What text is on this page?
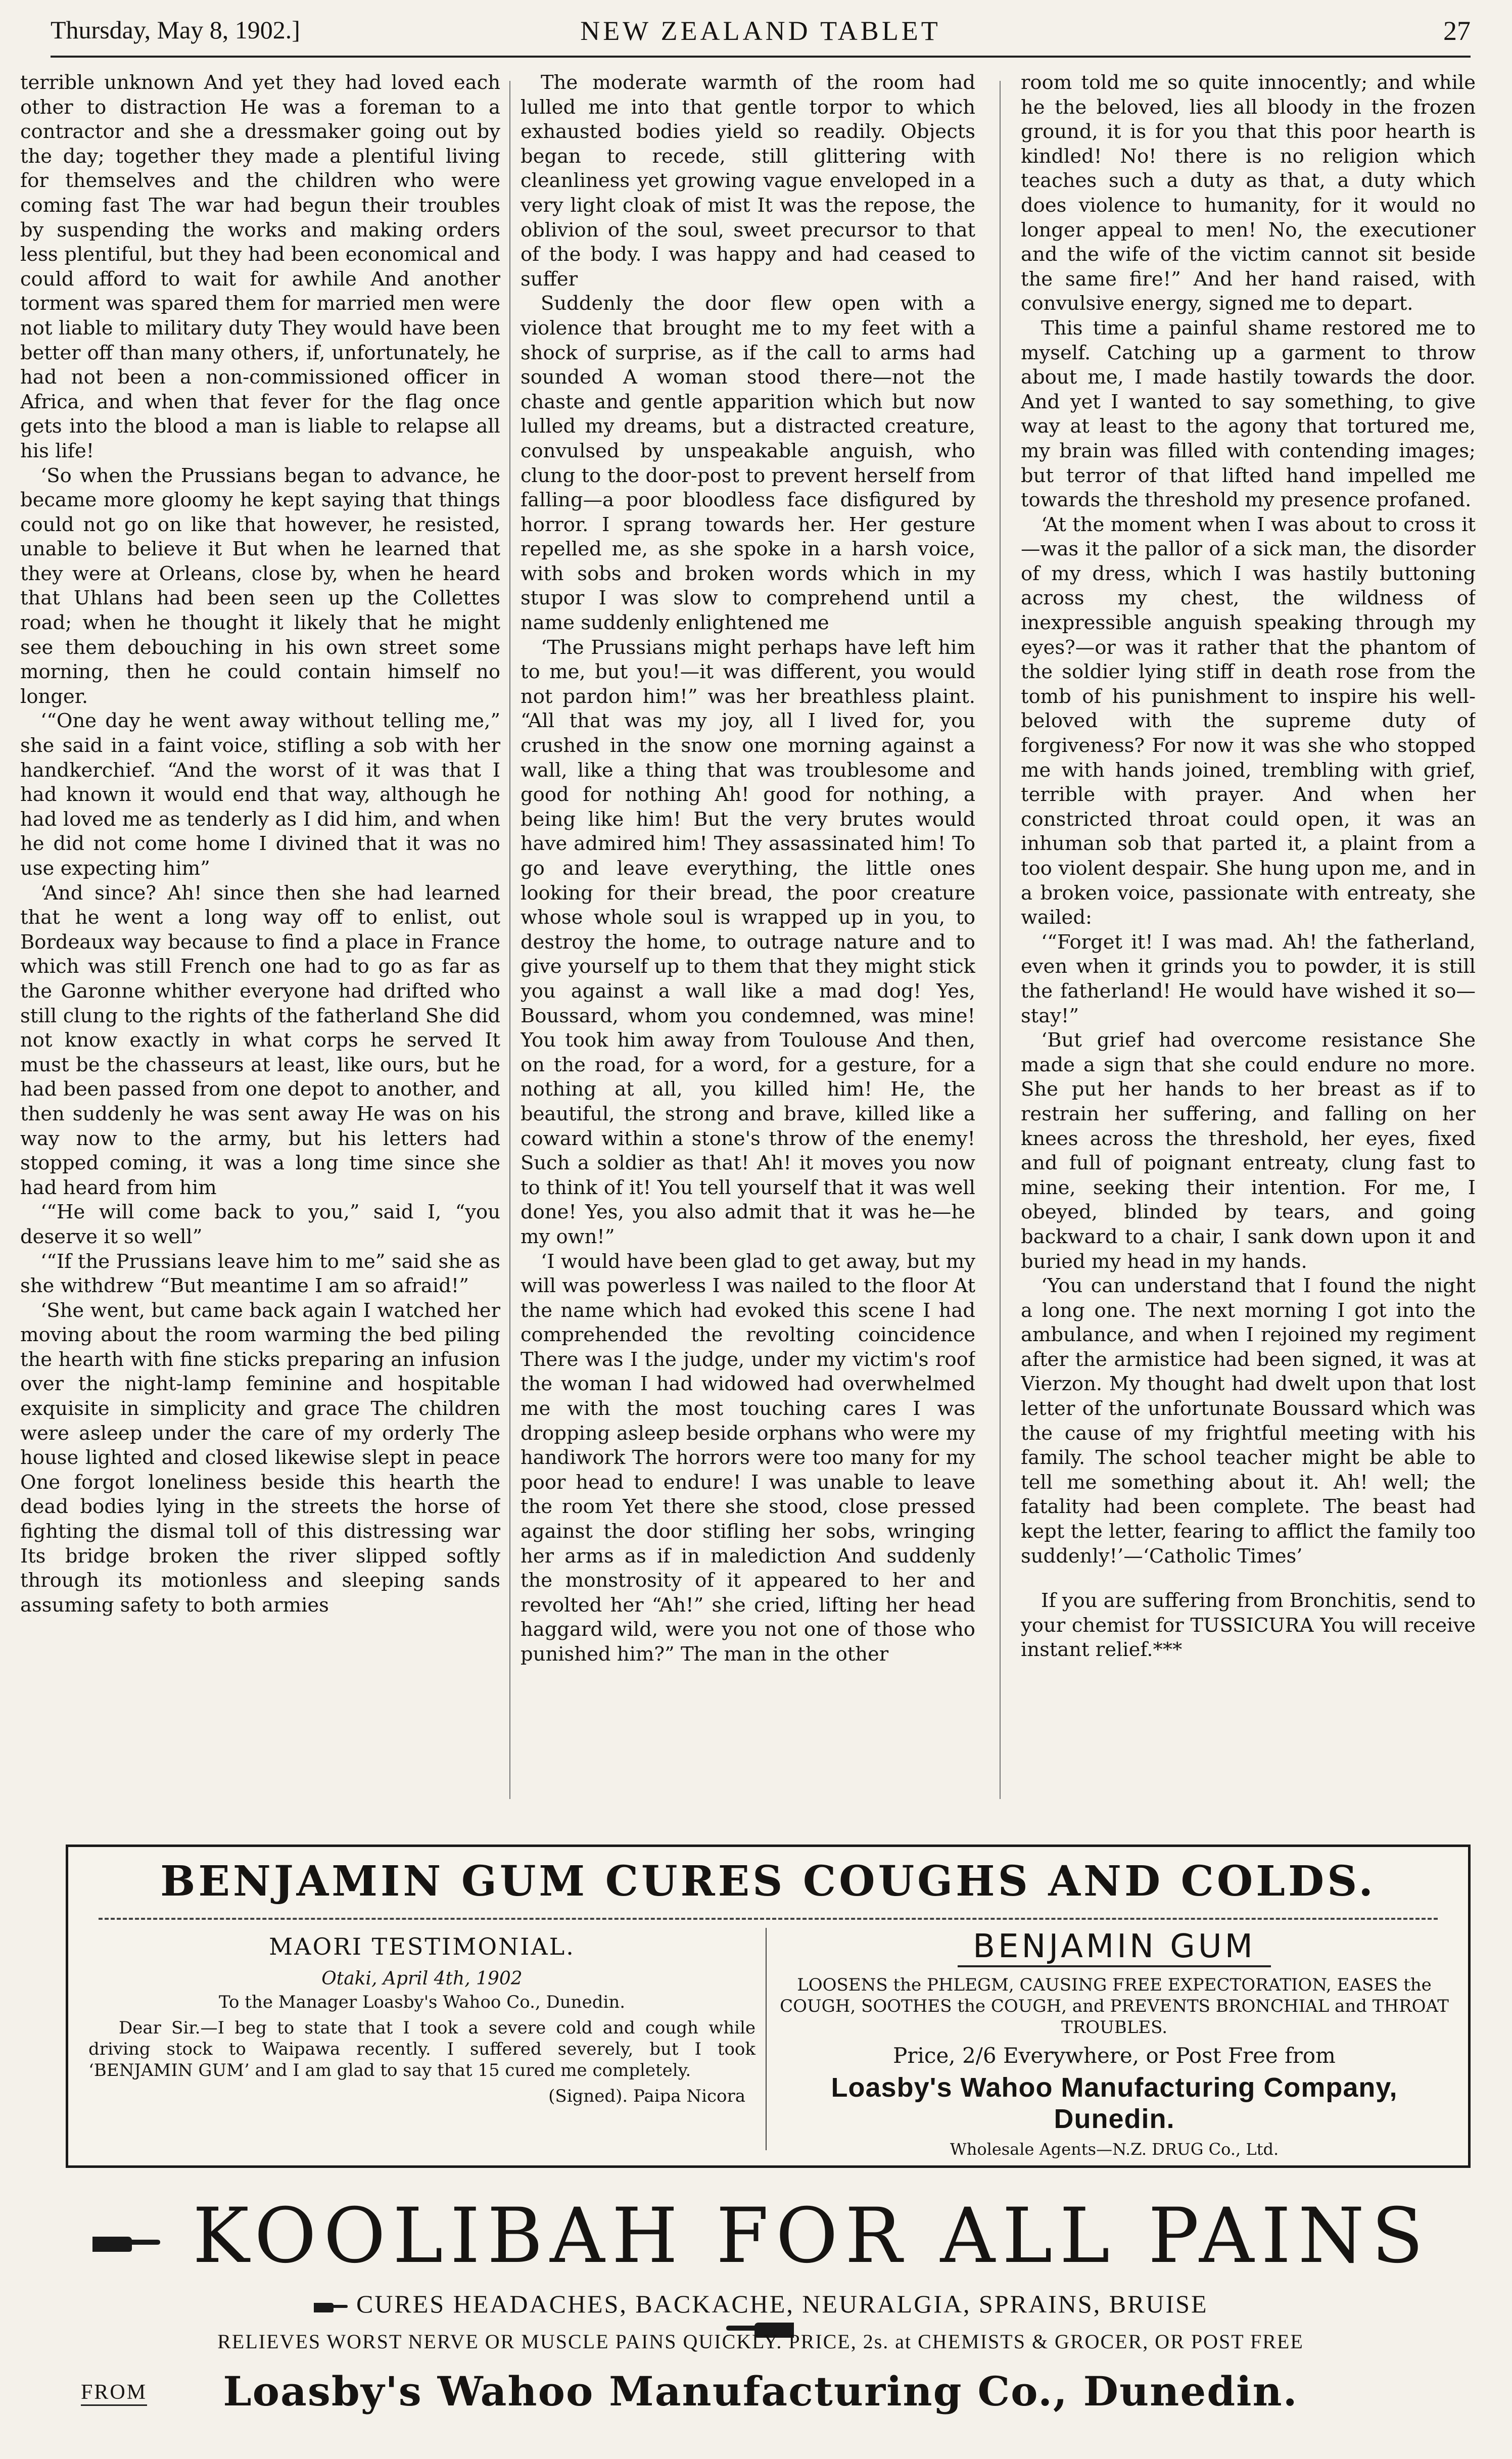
Thursday, May 8, 1902.]	NEW ZEALAND TABLET	27

terrible unknown And yet they had loved each other to distraction He was a foreman to a contractor and she a dressmaker going out by the day; together they made a plentiful living for themselves and the children who were coming fast The war had begun their troubles by suspending the works and making orders less plentiful, but they had been economical and could afford to wait for awhile And another torment was spared them for married men were not liable to military duty They would have been better off than many others, if, unfortunately, he had not been a non-commissioned officer in Africa, and when that fever for the flag once gets into the blood a man is liable to relapse all his life!

‘So when the Prussians began to advance, he became more gloomy he kept saying that things could not go on like that however, he resisted, unable to believe it But when he learned that they were at Orleans, close by, when he heard that Uhlans had been seen up the Collettes road; when he thought it likely that he might see them debouching in his own street some morning, then he could contain himself no longer.

‘“One day he went away without telling me,” she said in a faint voice, stifling a sob with her handkerchief. “And the worst of it was that I had known it would end that way, although he had loved me as tenderly as I did him, and when he did not come home I divined that it was no use expecting him”

‘And since? Ah! since then she had learned that he went a long way off to enlist, out Bordeaux way because to find a place in France which was still French one had to go as far as the Garonne whither everyone had drifted who still clung to the rights of the fatherland She did not know exactly in what corps he served It must be the chasseurs at least, like ours, but he had been passed from one depot to another, and then suddenly he was sent away He was on his way now to the army, but his letters had stopped coming, it was a long time since she had heard from him

‘“He will come back to you,” said I, “you deserve it so well”

‘“If the Prussians leave him to me” said she as she withdrew “But meantime I am so afraid!”

‘She went, but came back again I watched her moving about the room warming the bed piling the hearth with fine sticks preparing an infusion over the night-lamp feminine and hospitable exquisite in simplicity and grace The children were asleep under the care of my orderly The house lighted and closed likewise slept in peace One forgot loneliness beside this hearth the dead bodies lying in the streets the horse of fighting the dismal toll of this distressing war Its bridge broken the river slipped softly through its motionless and sleeping sands assuming safety to both armies

The moderate warmth of the room had lulled me into that gentle torpor to which exhausted bodies yield so readily. Objects began to recede, still glittering with cleanliness yet growing vague enveloped in a very light cloak of mist It was the repose, the oblivion of the soul, sweet precursor to that of the body. I was happy and had ceased to suffer

Suddenly the door flew open with a violence that brought me to my feet with a shock of surprise, as if the call to arms had sounded A woman stood there—not the chaste and gentle apparition which but now lulled my dreams, but a distracted creature, convulsed by unspeakable anguish, who clung to the door-post to prevent herself from falling—a poor bloodless face disfigured by horror. I sprang towards her. Her gesture repelled me, as she spoke in a harsh voice, with sobs and broken words which in my stupor I was slow to comprehend until a name suddenly enlightened me

‘The Prussians might perhaps have left him to me, but you!—it was different, you would not pardon him!” was her breathless plaint. “All that was my joy, all I lived for, you crushed in the snow one morning against a wall, like a thing that was troublesome and good for nothing Ah! good for nothing, a being like him! But the very brutes would have admired him! They assassinated him! To go and leave everything, the little ones looking for their bread, the poor creature whose whole soul is wrapped up in you, to destroy the home, to outrage nature and to give yourself up to them that they might stick you against a wall like a mad dog! Yes, Boussard, whom you condemned, was mine! You took him away from Toulouse And then, on the road, for a word, for a gesture, for a nothing at all, you killed him! He, the beautiful, the strong and brave, killed like a coward within a stone's throw of the enemy! Such a soldier as that! Ah! it moves you now to think of it! You tell yourself that it was well done! Yes, you also admit that it was he—he my own!”

‘I would have been glad to get away, but my will was powerless I was nailed to the floor At the name which had evoked this scene I had comprehended the revolting coincidence There was I the judge, under my victim's roof the woman I had widowed had overwhelmed me with the most touching cares I was dropping asleep beside orphans who were my handiwork The horrors were too many for my poor head to endure! I was unable to leave the room Yet there she stood, close pressed against the door stifling her sobs, wringing her arms as if in malediction And suddenly the monstrosity of it appeared to her and revolted her “Ah!” she cried, lifting her head haggard wild, were you not one of those who punished him?” The man in the other

room told me so quite innocently; and while he the beloved, lies all bloody in the frozen ground, it is for you that this poor hearth is kindled! No! there is no religion which teaches such a duty as that, a duty which does violence to humanity, for it would no longer appeal to men! No, the executioner and the wife of the victim cannot sit beside the same fire!” And her hand raised, with convulsive energy, signed me to depart.

This time a painful shame restored me to myself. Catching up a garment to throw about me, I made hastily towards the door. And yet I wanted to say something, to give way at least to the agony that tortured me, my brain was filled with contending images; but terror of that lifted hand impelled me towards the threshold my presence profaned.

‘At the moment when I was about to cross it—was it the pallor of a sick man, the disorder of my dress, which I was hastily buttoning across my chest, the wildness of inexpressible anguish speaking through my eyes?—or was it rather that the phantom of the soldier lying stiff in death rose from the tomb of his punishment to inspire his well-beloved with the supreme duty of forgiveness? For now it was she who stopped me with hands joined, trembling with grief, terrible with prayer. And when her constricted throat could open, it was an inhuman sob that parted it, a plaint from a too violent despair. She hung upon me, and in a broken voice, passionate with entreaty, she wailed:

‘“Forget it! I was mad. Ah! the fatherland, even when it grinds you to powder, it is still the fatherland! He would have wished it so—stay!”

‘But grief had overcome resistance She made a sign that she could endure no more. She put her hands to her breast as if to restrain her suffering, and falling on her knees across the threshold, her eyes, fixed and full of poignant entreaty, clung fast to mine, seeking their intention. For me, I obeyed, blinded by tears, and going backward to a chair, I sank down upon it and buried my head in my hands.

‘You can understand that I found the night a long one. The next morning I got into the ambulance, and when I rejoined my regiment after the armistice had been signed, it was at Vierzon. My thought had dwelt upon that lost letter of the unfortunate Boussard which was the cause of my frightful meeting with his family. The school teacher might be able to tell me something about it. Ah! well; the fatality had been complete. The beast had kept the letter, fearing to afflict the family too suddenly!’—‘Catholic Times’

If you are suffering from Bronchitis, send to your chemist for TUSSICURA You will receive instant relief.***

BENJAMIN GUM CURES COUGHS AND COLDS.

MAORI TESTIMONIAL.

Otaki, April 4th, 1902

To the Manager Loasby's Wahoo Co., Dunedin.

Dear Sir.—I beg to state that I took a severe cold and cough while driving stock to Waipawa recently. I suffered severely, but I took ‘BENJAMIN GUM’ and I am glad to say that 15 cured me completely.

(Signed). Paipa Nicora

BENJAMIN GUM

LOOSENS the PHLEGM, CAUSING FREE EXPECTORATION, EASES the COUGH, SOOTHES the COUGH, and PREVENTS BRONCHIAL and THROAT TROUBLES.

Price, 2/6 Everywhere, or Post Free from

Loasby's Wahoo Manufacturing Company, Dunedin.

Wholesale Agents—N.Z. DRUG Co., Ltd.

KOOLIBAH FOR ALL PAINS
CURES HEADACHES, BACKACHE, NEURALGIA, SPRAINS, BRUISE
RELIEVES WORST NERVE OR MUSCLE PAINS QUICKLY. PRICE, 2s. at CHEMISTS & GROCER, OR POST FREE
FROM	Loasby's Wahoo Manufacturing Co., Dunedin.
